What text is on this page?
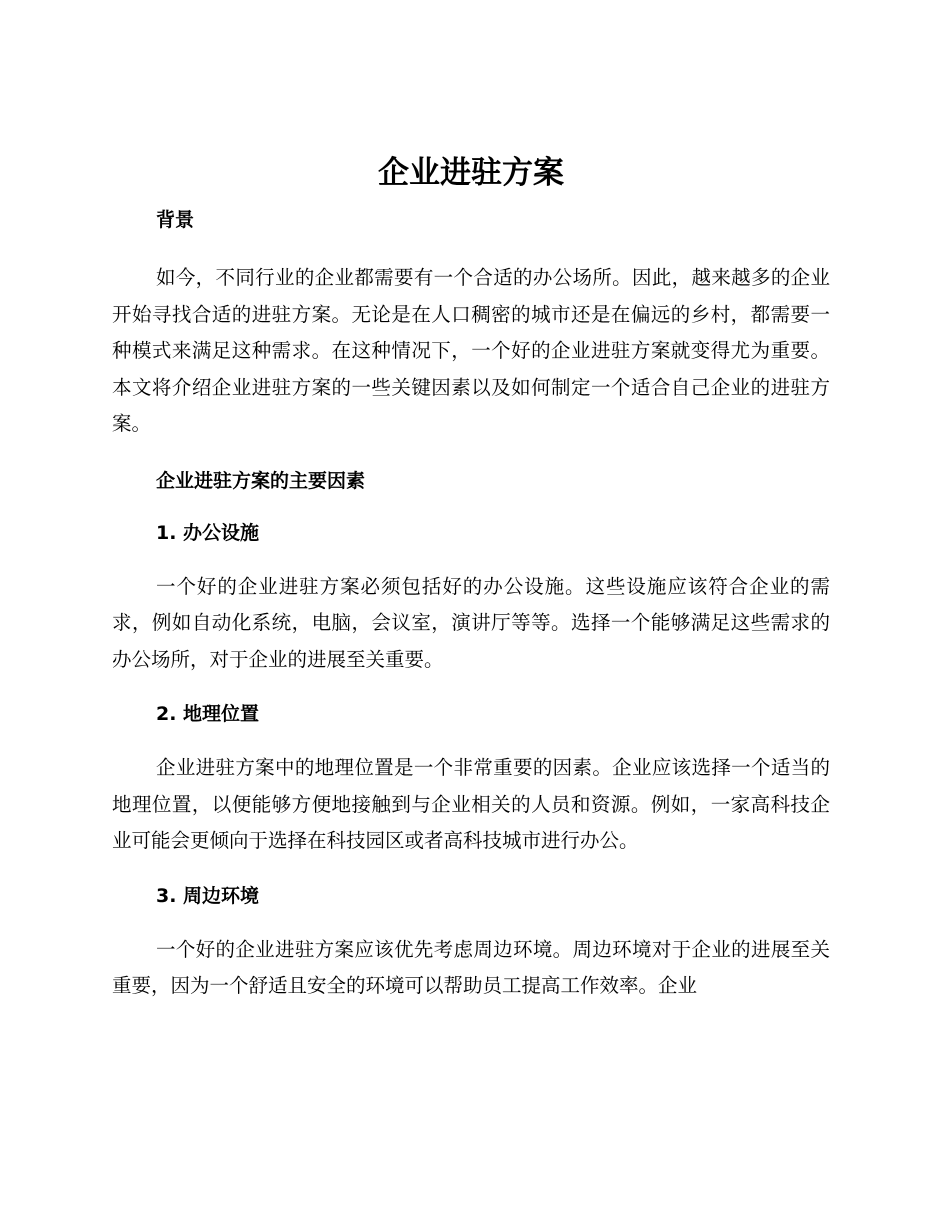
企业进驻方案
背景

如今，不同行业的企业都需要有一个合适的办公场所。因此，越来越多的企业开始寻找合适的进驻方案。无论是在人口稠密的城市还是在偏远的乡村，都需要一种模式来满足这种需求。在这种情况下，一个好的企业进驻方案就变得尤为重要。本文将介绍企业进驻方案的一些关键因素以及如何制定一个适合自己企业的进驻方案。

企业进驻方案的主要因素
1. 办公设施

一个好的企业进驻方案必须包括好的办公设施。这些设施应该符合企业的需求，例如自动化系统，电脑，会议室，演讲厅等等。选择一个能够满足这些需求的办公场所，对于企业的进展至关重要。

2. 地理位置

企业进驻方案中的地理位置是一个非常重要的因素。企业应该选择一个适当的地理位置，以便能够方便地接触到与企业相关的人员和资源。例如，一家高科技企业可能会更倾向于选择在科技园区或者高科技城市进行办公。

3. 周边环境

一个好的企业进驻方案应该优先考虑周边环境。周边环境对于企业的进展至关重要，因为一个舒适且安全的环境可以帮助员工提高工作效率。企业
